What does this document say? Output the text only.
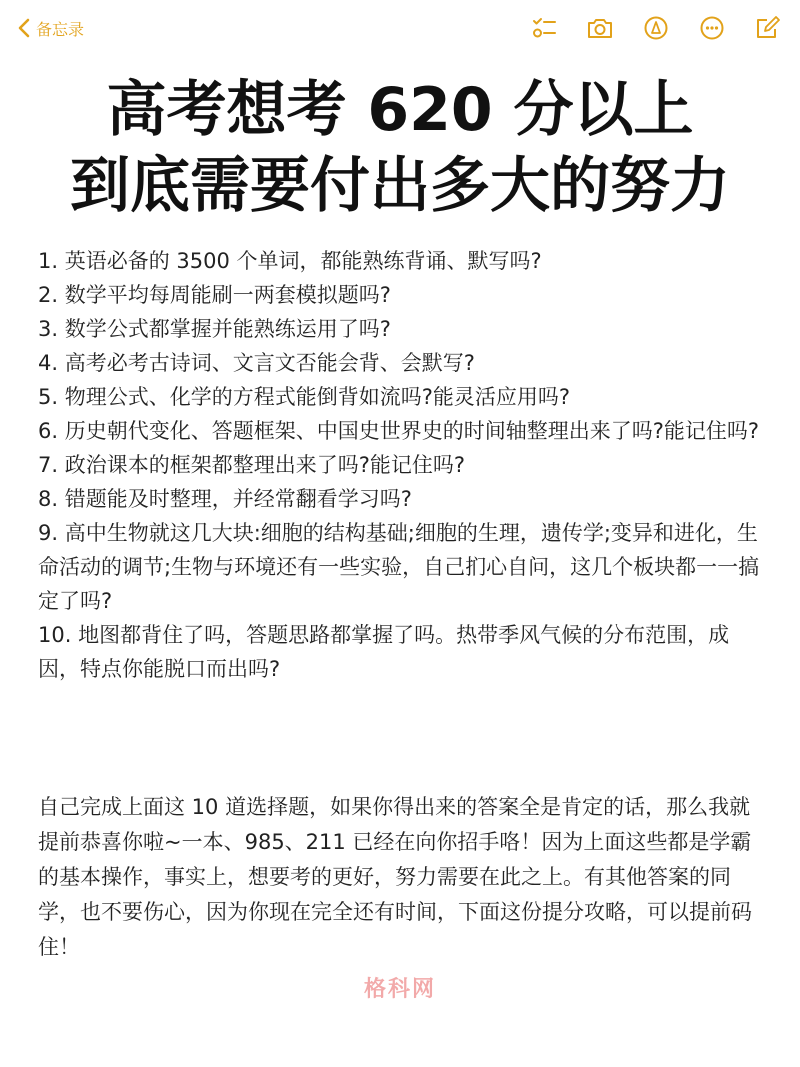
备忘录
高考想考 620 分以上
到底需要付出多大的努力
1. 英语必备的 3500 个单词，都能熟练背诵、默写吗?
2. 数学平均每周能刷一两套模拟题吗?
3. 数学公式都掌握并能熟练运用了吗?
4. 高考必考古诗词、文言文否能会背、会默写?
5. 物理公式、化学的方程式能倒背如流吗?能灵活应用吗?
6. 历史朝代变化、答题框架、中国史世界史的时间轴整理出来了吗?能记住吗?
7. 政治课本的框架都整理出来了吗?能记住吗?
8. 错题能及时整理，并经常翻看学习吗?
9. 高中生物就这几大块:细胞的结构基础;细胞的生理，遗传学;变异和进化，生命活动的调节;生物与环境还有一些实验，自己扪心自问，这几个板块都一一搞定了吗?
10. 地图都背住了吗，答题思路都掌握了吗。热带季风气候的分布范围，成因，特点你能脱口而出吗?

自己完成上面这 10 道选择题，如果你得出来的答案全是肯定的话，那么我就提前恭喜你啦~一本、985、211 已经在向你招手咯！因为上面这些都是学霸的基本操作，事实上，想要考的更好，努力需要在此之上。有其他答案的同学，也不要伤心，因为你现在完全还有时间，下面这份提分攻略，可以提前码住！

格科网
